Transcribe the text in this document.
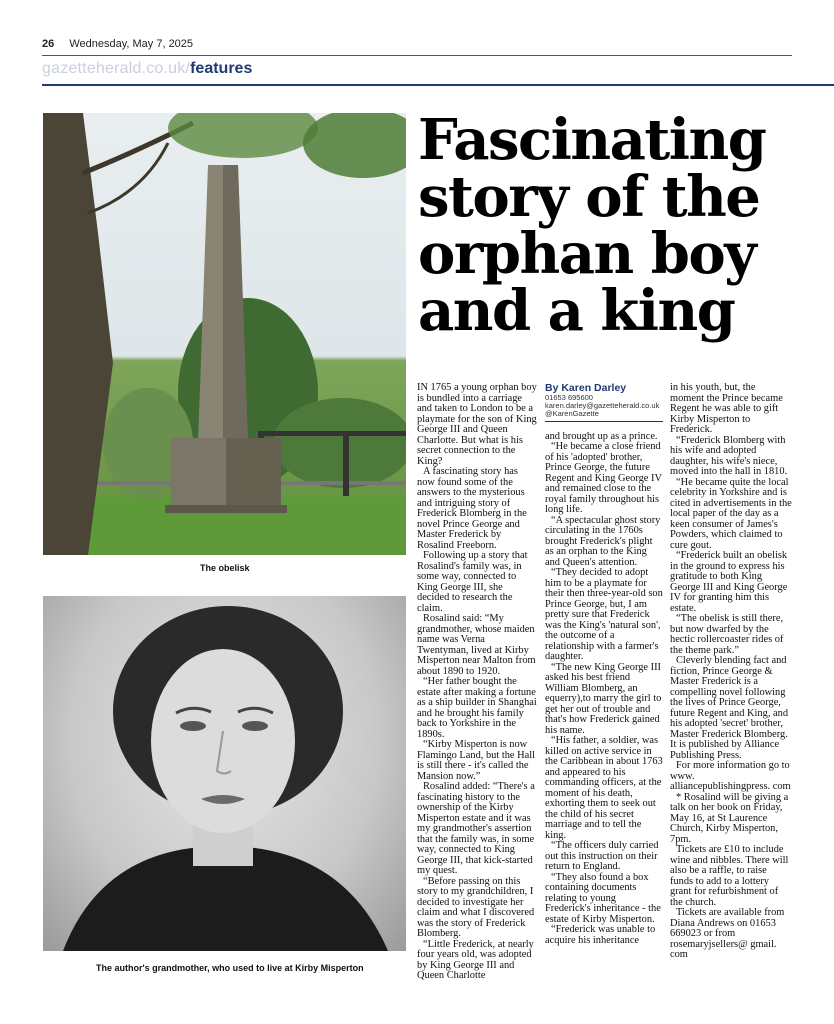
26 Wednesday, May 7, 2025
gazetteherald.co.uk/features
The obelisk
The author's grandmother, who used to live at Kirby Misperton
Fascinating story of the orphan boy and a king

IN 1765 a young orphan boy is bundled into a carriage and taken to London to be a playmate for the son of King George III and Queen Charlotte. But what is his secret connection to the King?

A fascinating story has now found some of the answers to the mysterious and intriguing story of Frederick Blomberg in the novel Prince George and Master Frederick by Rosalind Freeborn.

Following up a story that Rosalind's family was, in some way, connected to King George III, she decided to research the claim.

Rosalind said: “My grandmother, whose maiden name was Verna Twentyman, lived at Kirby Misperton near Malton from about 1890 to 1920.

“Her father bought the estate after making a fortune as a ship builder in Shanghai and he brought his family back to Yorkshire in the 1890s.

“Kirby Misperton is now Flamingo Land, but the Hall is still there - it's called the Mansion now.”

Rosalind added: “There's a fascinating history to the ownership of the Kirby Misperton estate and it was my grandmother's assertion that the family was, in some way, connected to King George III, that kick-started my quest.

“Before passing on this story to my grandchildren, I decided to investigate her claim and what I discovered was the story of Frederick Blomberg.

“Little Frederick, at nearly four years old, was adopted by King George III and Queen Charlotte

By Karen Darley
01653 695600
karen.darley@gazetteherald.co.uk
@KarenGazette

and brought up as a prince.

“He became a close friend of his 'adopted' brother, Prince George, the future Regent and King George IV and remained close to the royal family throughout his long life.

“A spectacular ghost story circulating in the 1760s brought Frederick's plight as an orphan to the King and Queen's attention.

“They decided to adopt him to be a playmate for their then three-year-old son Prince George, but, I am pretty sure that Frederick was the King's 'natural son', the outcome of a relationship with a farmer's daughter.

“The new King George III asked his best friend William Blomberg, an equerry),to marry the girl to get her out of trouble and that's how Frederick gained his name.

“His father, a soldier, was killed on active service in the Caribbean in about 1763 and appeared to his commanding officers, at the moment of his death, exhorting them to seek out the child of his secret marriage and to tell the king.

“The officers duly carried out this instruction on their return to England.

“They also found a box containing documents relating to young Frederick's inheritance - the estate of Kirby Misperton.

“Frederick was unable to acquire his inheritance

in his youth, but, the moment the Prince became Regent he was able to gift Kirby Misperton to Frederick.

“Frederick Blomberg with his wife and adopted daughter, his wife's niece, moved into the hall in 1810.

“He became quite the local celebrity in Yorkshire and is cited in advertisements in the local paper of the day as a keen consumer of James's Powders, which claimed to cure gout.

“Frederick built an obelisk in the ground to express his gratitude to both King George III and King George IV for granting him this estate.

“The obelisk is still there, but now dwarfed by the hectic rollercoaster rides of the theme park.”

Cleverly blending fact and fiction, Prince George & Master Frederick is a compelling novel following the lives of Prince George, future Regent and King, and his adopted 'secret' brother, Master Frederick Blomberg. It is published by Alliance Publishing Press.

For more information go to www. alliancepublishingpress. com

* Rosalind will be giving a talk on her book on Friday, May 16, at St Laurence Church, Kirby Misperton, 7pm.

Tickets are £10 to include wine and nibbles. There will also be a raffle, to raise funds to add to a lottery grant for refurbishment of the church.

Tickets are available from Diana Andrews on 01653 669023 or from rosemaryjsellers@ gmail. com
